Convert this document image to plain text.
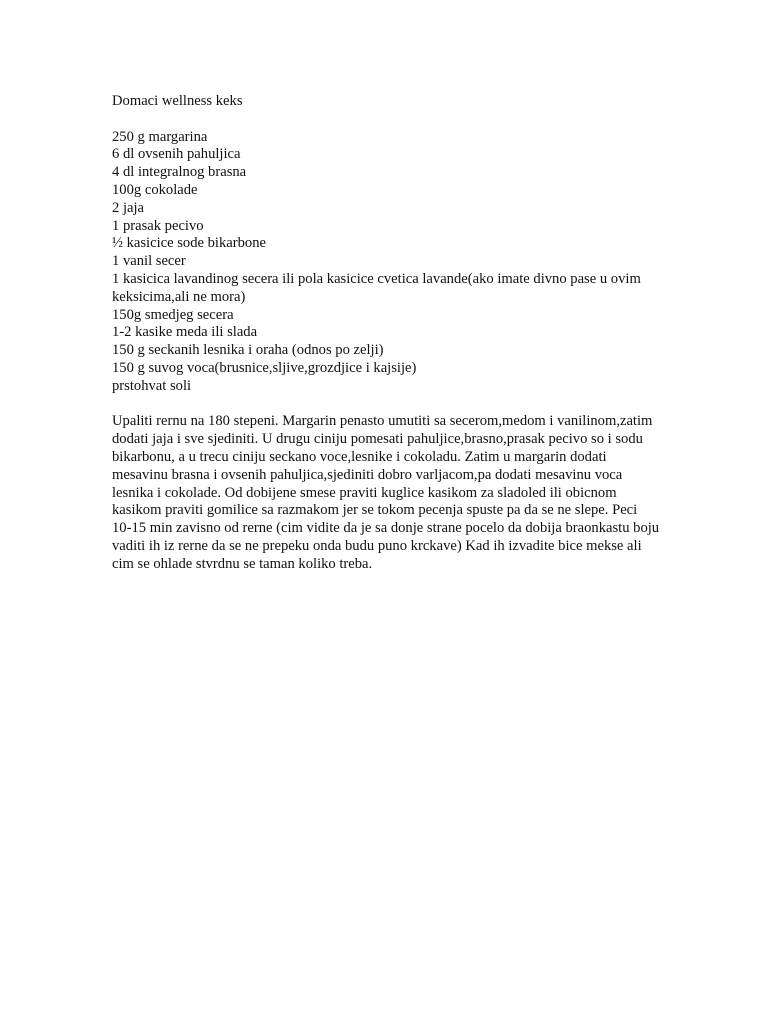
Domaci wellness keks

250 g margarina
6 dl ovsenih pahuljica
4 dl integralnog brasna
100g cokolade
2 jaja
1 prasak pecivo
½ kasicice sode bikarbone
1 vanil secer
1 kasicica lavandinog secera ili pola kasicice cvetica lavande(ako imate divno pase u ovim keksicima,ali ne mora)
150g smedjeg secera
1-2 kasike meda ili slada
150 g seckanih lesnika i oraha (odnos po zelji)
150 g suvog voca(brusnice,sljive,grozdjice i kajsije)
prstohvat soli

Upaliti rernu na 180 stepeni. Margarin penasto umutiti sa secerom,medom i vanilinom,zatim dodati jaja i sve sjediniti. U drugu ciniju pomesati pahuljice,brasno,prasak pecivo so i sodu bikarbonu, a u trecu ciniju seckano voce,lesnike i cokoladu. Zatim u margarin dodati mesavinu brasna i ovsenih pahuljica,sjediniti dobro varljacom,pa dodati mesavinu voca lesnika i cokolade. Od dobijene smese praviti kuglice kasikom za sladoled ili obicnom kasikom praviti gomilice sa razmakom jer se tokom pecenja spuste pa da se ne slepe. Peci 10-15 min zavisno od rerne (cim vidite da je sa donje strane pocelo da dobija braonkastu boju vaditi ih iz rerne da se ne prepeku onda budu puno krckave) Kad ih izvadite bice mekse ali cim se ohlade stvrdnu se taman koliko treba.
